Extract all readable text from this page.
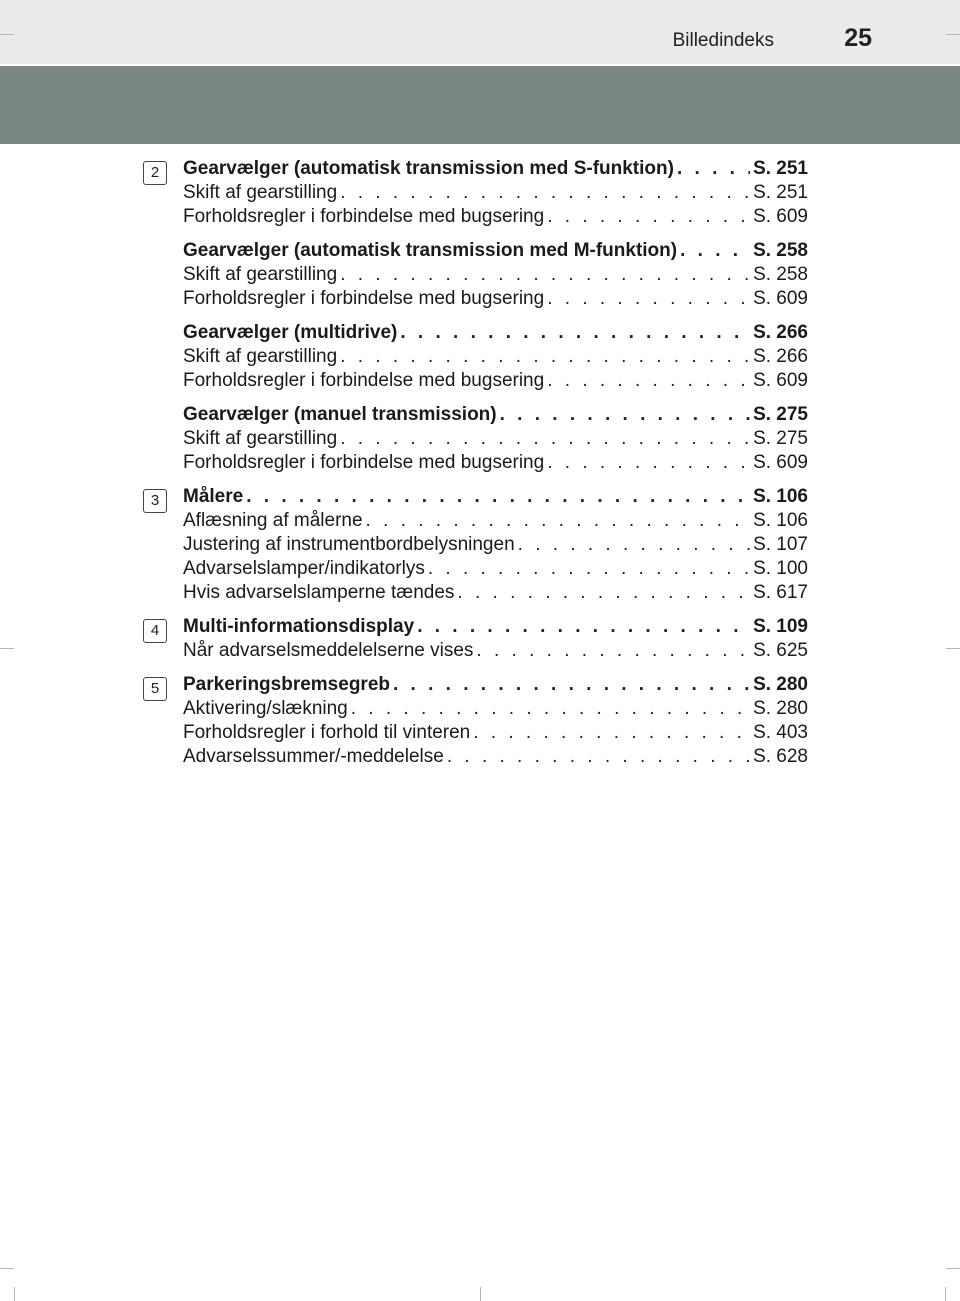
Billedindeks	25
2	Gearvælger (automatisk transmission med S-funktion) . . .	S. 251
Skift af gearstilling . . .	S. 251
Forholdsregler i forbindelse med bugsering . . .	S. 609
Gearvælger (automatisk transmission med M-funktion) . . .	S. 258
Skift af gearstilling . . .	S. 258
Forholdsregler i forbindelse med bugsering . . .	S. 609
Gearvælger (multidrive) . . .	S. 266
Skift af gearstilling . . .	S. 266
Forholdsregler i forbindelse med bugsering . . .	S. 609
Gearvælger (manuel transmission) . . .	S. 275
Skift af gearstilling . . .	S. 275
Forholdsregler i forbindelse med bugsering . . .	S. 609
3	Målere . . .	S. 106
Aflæsning af målerne . . .	S. 106
Justering af instrumentbordbelysningen . . .	S. 107
Advarselslamper/indikatorlys . . .	S. 100
Hvis advarselslamperne tændes . . .	S. 617
4	Multi-informationsdisplay . . .	S. 109
Når advarselsmeddelelserne vises . . .	S. 625
5	Parkeringsbremsegreb . . .	S. 280
Aktivering/slækning . . .	S. 280
Forholdsregler i forhold til vinteren . . .	S. 403
Advarselssummer/-meddelelse . . .	S. 628
